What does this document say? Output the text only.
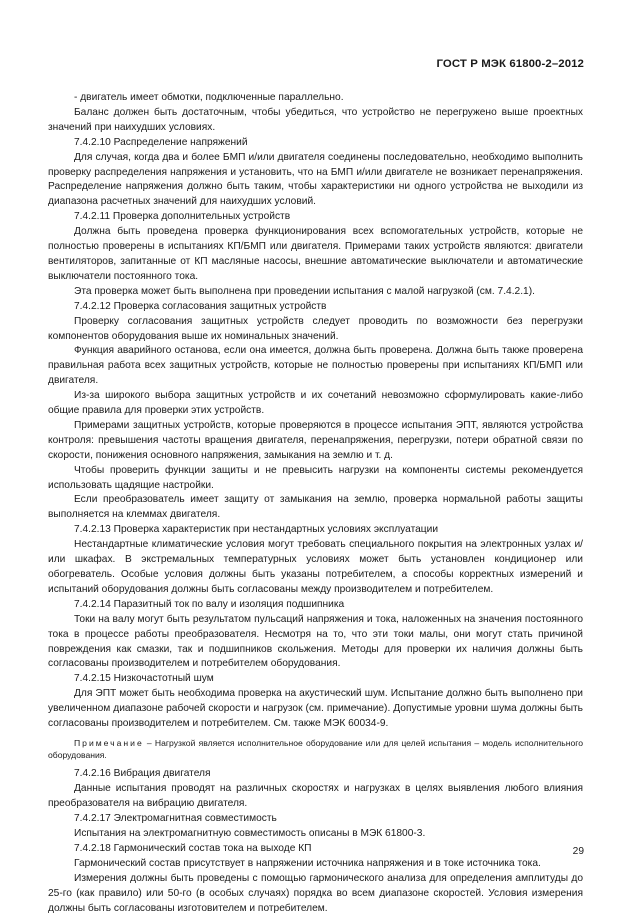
ГОСТ Р МЭК 61800-2–2012

- двигатель имеет обмотки, подключенные параллельно.

Баланс должен быть достаточным, чтобы убедиться, что устройство не перегружено выше проектных значений при наихудших условиях.

7.4.2.10 Распределение напряжений

Для случая, когда два и более БМП и/или двигателя соединены последовательно, необходимо выполнить проверку распределения напряжения и установить, что на БМП и/или двигателе не возникает перенапряжения. Распределение напряжения должно быть таким, чтобы характеристики ни одного устройства не выходили из диапазона расчетных значений для наихудших условий.

7.4.2.11 Проверка дополнительных устройств

Должна быть проведена проверка функционирования всех вспомогательных устройств, которые не полностью проверены в испытаниях КП/БМП или двигателя. Примерами таких устройств являются: двигатели вентиляторов, запитанные от КП масляные насосы, внешние автоматические выключатели и автоматические выключатели постоянного тока.

Эта проверка может быть выполнена при проведении испытания с малой нагрузкой (см. 7.4.2.1).

7.4.2.12 Проверка согласования защитных устройств

Проверку согласования защитных устройств следует проводить по возможности без перегрузки компонентов оборудования выше их номинальных значений.

Функция аварийного останова, если она имеется, должна быть проверена. Должна быть также проверена правильная работа всех защитных устройств, которые не полностью проверены при испытаниях КП/БМП или двигателя.

Из-за широкого выбора защитных устройств и их сочетаний невозможно сформулировать какие-либо общие правила для проверки этих устройств.

Примерами защитных устройств, которые проверяются в процессе испытания ЭПТ, являются устройства контроля: превышения частоты вращения двигателя, перенапряжения, перегрузки, потери обратной связи по скорости, понижения основного напряжения, замыкания на землю и т. д.

Чтобы проверить функции защиты и не превысить нагрузки на компоненты системы рекомендуется использовать щадящие настройки.

Если преобразователь имеет защиту от замыкания на землю, проверка нормальной работы защиты выполняется на клеммах двигателя.

7.4.2.13 Проверка характеристик при нестандартных условиях эксплуатации

Нестандартные климатические условия могут требовать специального покрытия на электронных узлах и/или шкафах. В экстремальных температурных условиях может быть установлен кондиционер или обогреватель. Особые условия должны быть указаны потребителем, а способы корректных измерений и испытаний оборудования должны быть согласованы между производителем и потребителем.

7.4.2.14 Паразитный ток по валу и изоляция подшипника

Токи на валу могут быть результатом пульсаций напряжения и тока, наложенных на значения постоянного тока в процессе работы преобразователя. Несмотря на то, что эти токи малы, они могут стать причиной повреждения как смазки, так и подшипников скольжения. Методы для проверки их наличия должны быть согласованы производителем и потребителем оборудования.

7.4.2.15 Низкочастотный шум

Для ЭПТ может быть необходима проверка на акустический шум. Испытание должно быть выполнено при увеличенном диапазоне рабочей скорости и нагрузок (см. примечание). Допустимые уровни шума должны быть согласованы производителем и потребителем. См. также МЭК 60034-9.

Примечание – Нагрузкой является исполнительное оборудование или для целей испытания – модель исполнительного оборудования.

7.4.2.16 Вибрация двигателя

Данные испытания проводят на различных скоростях и нагрузках в целях выявления любого влияния преобразователя на вибрацию двигателя.

7.4.2.17 Электромагнитная совместимость

Испытания на электромагнитную совместимость описаны в МЭК 61800-3.

7.4.2.18 Гармонический состав тока на выходе КП

Гармонический состав присутствует в напряжении источника напряжения и в токе источника тока.

Измерения должны быть проведены с помощью гармонического анализа для определения амплитуды до 25-го (как правило) или 50-го (в особых случаях) порядка во всем диапазоне скоростей. Условия измерения должны быть согласованы изготовителем и потребителем.

29
